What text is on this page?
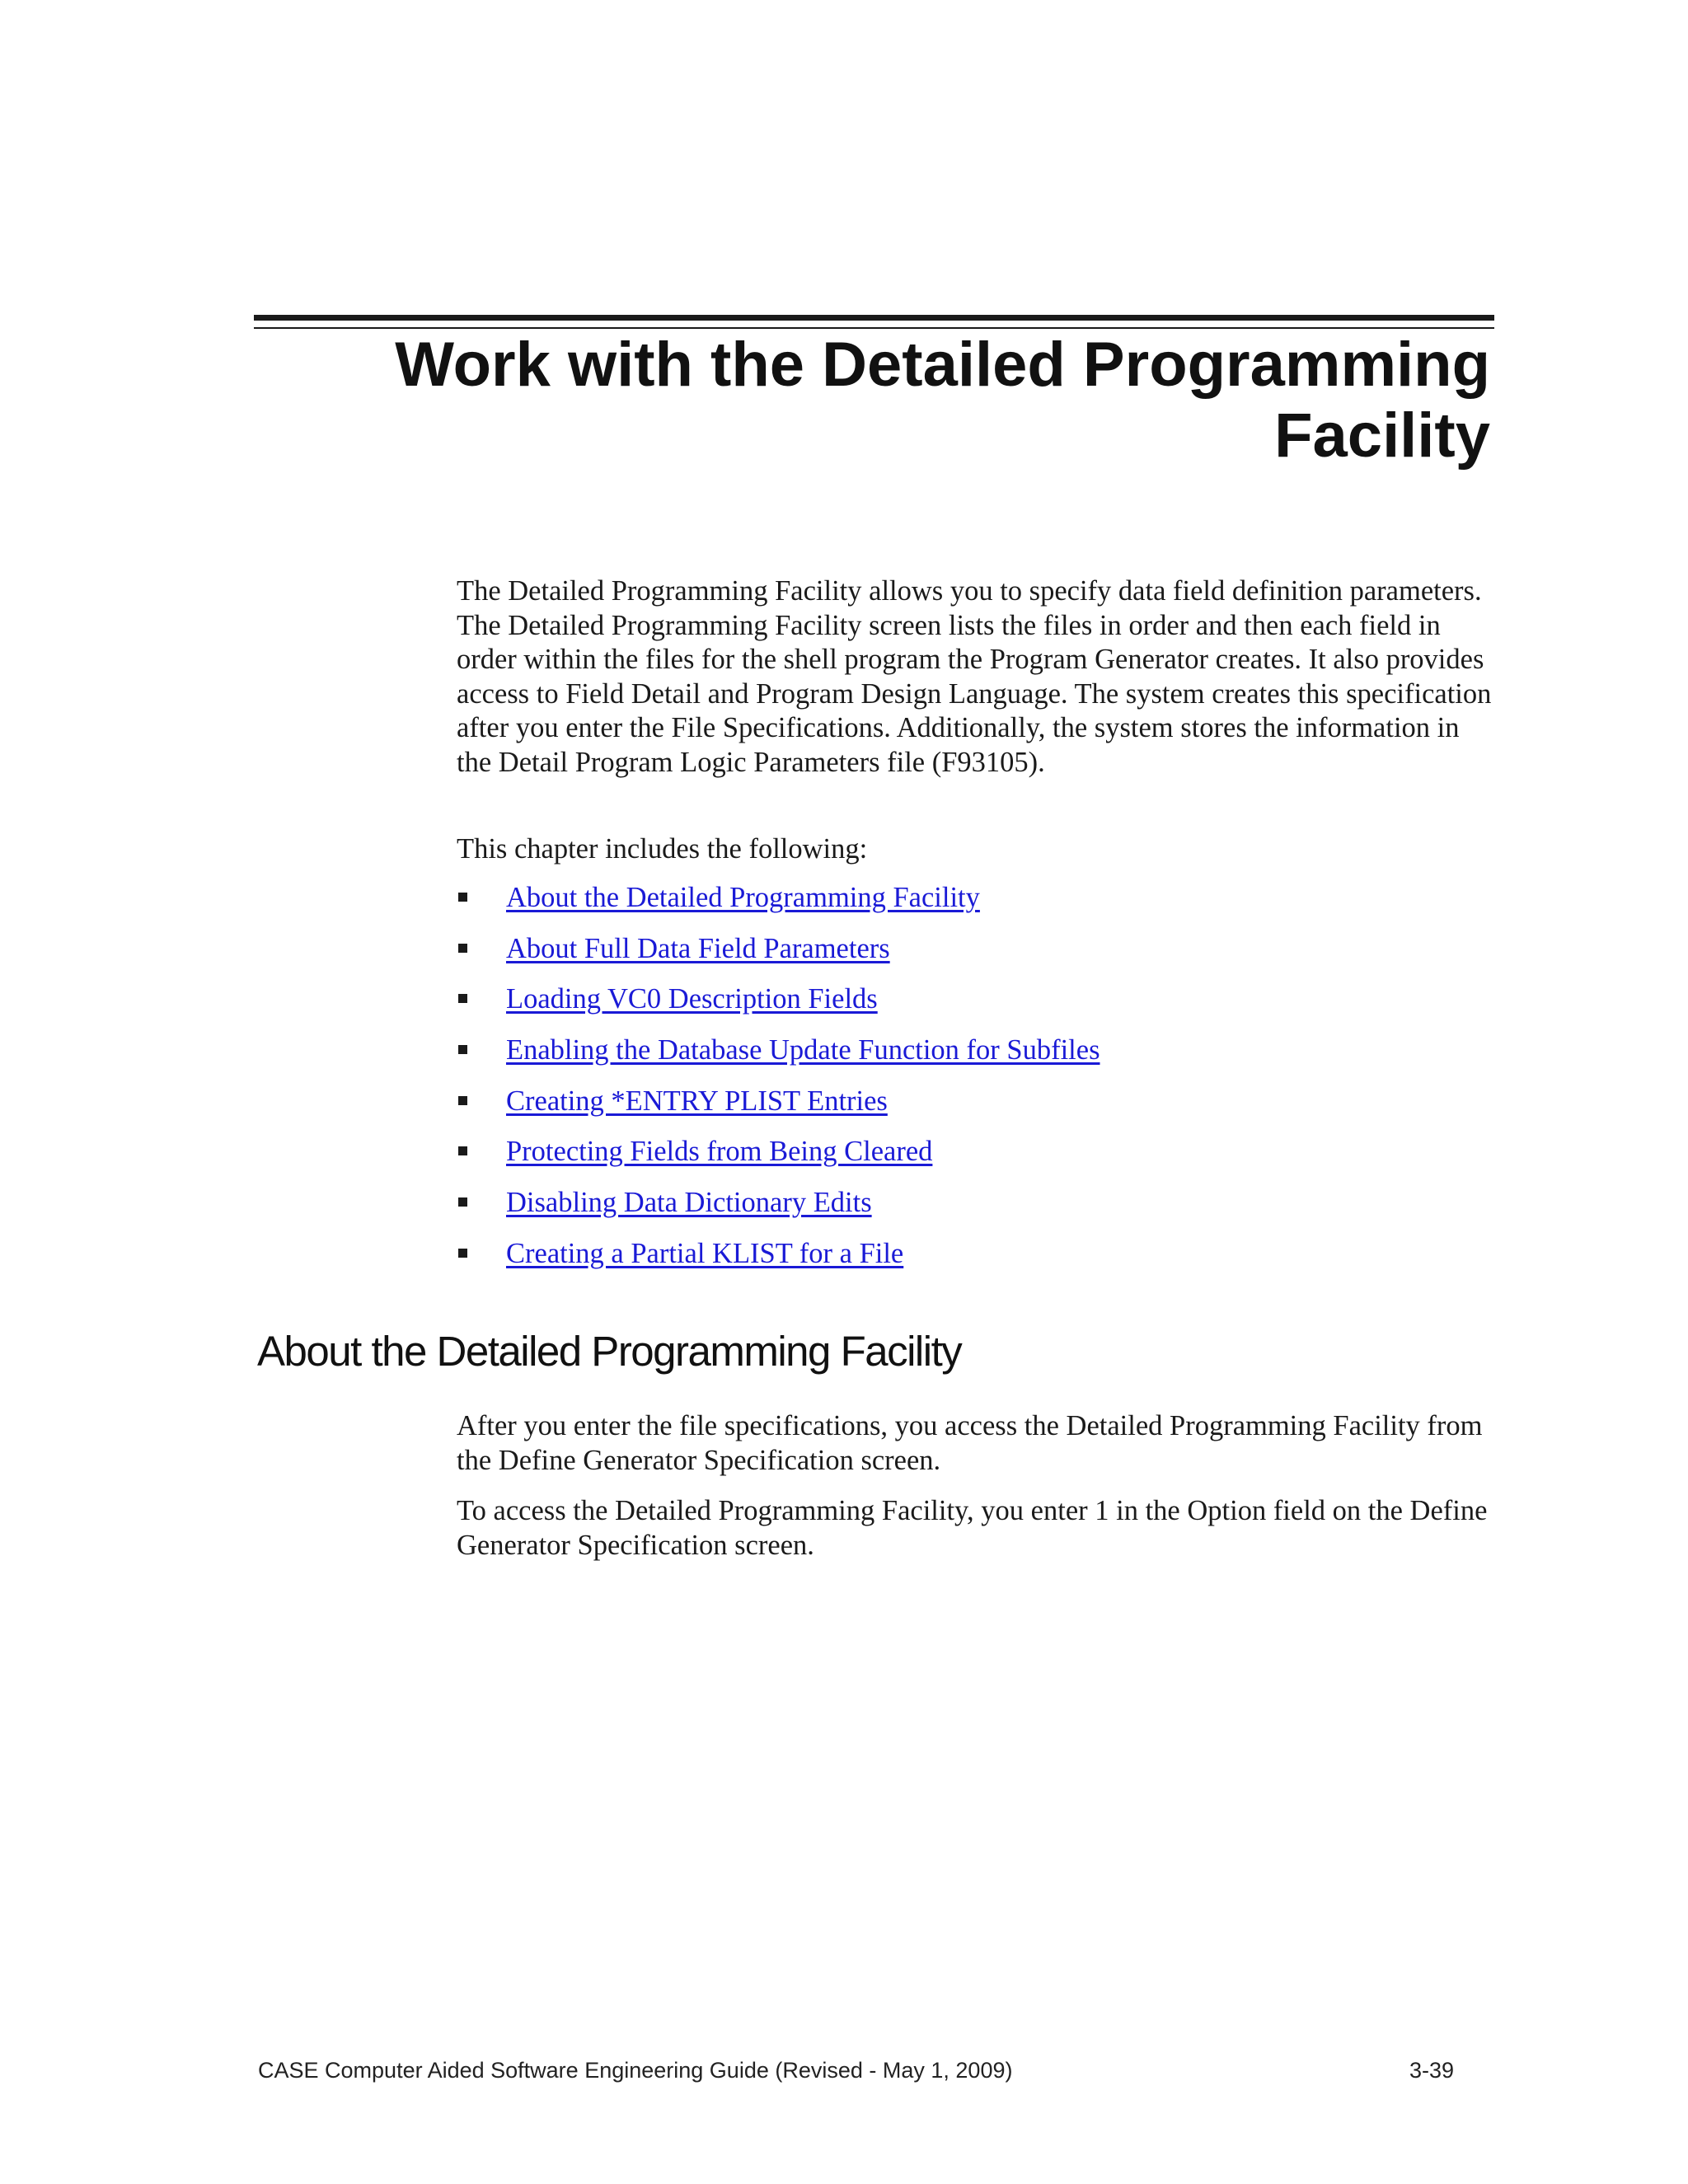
Work with the Detailed Programming
Facility

The Detailed Programming Facility allows you to specify data field definition parameters. The Detailed Programming Facility screen lists the files in order and then each field in order within the files for the shell program the Program Generator creates. It also provides access to Field Detail and Program Design Language. The system creates this specification after you enter the File Specifications. Additionally, the system stores the information in the Detail Program Logic Parameters file (F93105).

This chapter includes the following:

About the Detailed Programming Facility
About Full Data Field Parameters
Loading VC0 Description Fields
Enabling the Database Update Function for Subfiles
Creating *ENTRY PLIST Entries
Protecting Fields from Being Cleared
Disabling Data Dictionary Edits
Creating a Partial KLIST for a File
About the Detailed Programming Facility

After you enter the file specifications, you access the Detailed Programming Facility from the Define Generator Specification screen.

To access the Detailed Programming Facility, you enter 1 in the Option field on the Define Generator Specification screen.

CASE Computer Aided Software Engineering Guide (Revised - May 1, 2009)	3-39
